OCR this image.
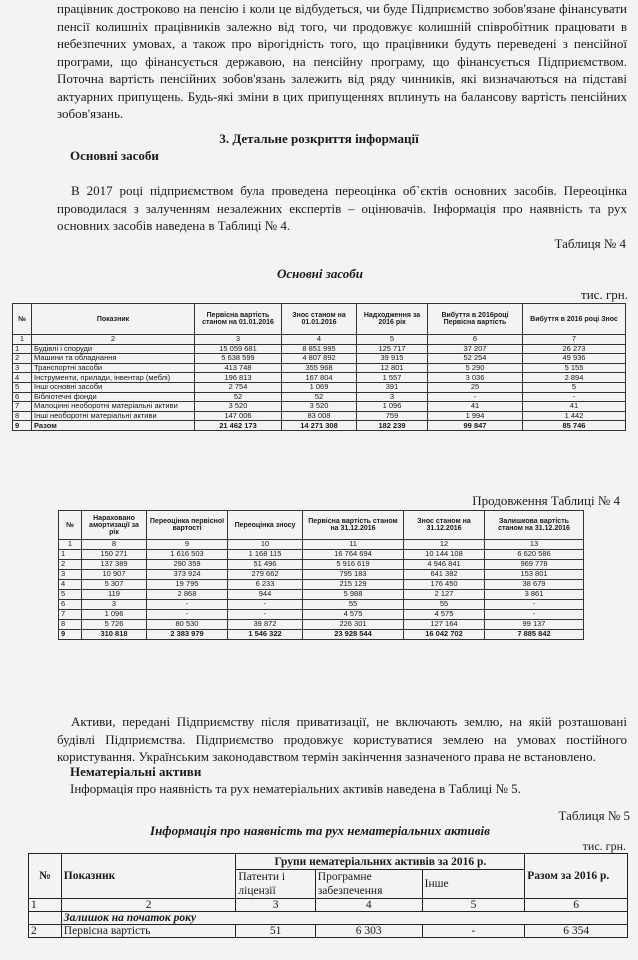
працівник достроково на пенсію і коли це відбудеться, чи буде Підприємство зобов'язане фінансувати пенсії колишніх працівників залежно від того, чи продовжує колишній співробітник працювати в небезпечних умовах, а також про вірогідність того, що працівники будуть переведені з пенсійної програми, що фінансується державою, на пенсійну програму, що фінансується Підприємством. Поточна вартість пенсійних зобов'язань залежить від ряду чинників, які визначаються на підставі актуарних припущень. Будь-які зміни в цих припущеннях вплинуть на балансову вартість пенсійних зобов'язань.
3. Детальне розкриття інформації
Основні засоби
В 2017 році підприємством була проведена переоцінка об`єктів основних засобів. Переоцінка проводилася з залученням незалежних експертів – оцінювачів. Інформація про наявність та рух основних засобів наведена в Таблиці № 4.
Таблиця № 4
Основні засоби
тис. грн.
№	Показник	Первісна вартість станом на 01.01.2016	Знос станом на 01.01.2016	Надходження за 2016 рік	Вибуття в 2016році Первісна вартість	Вибуття в 2016 році Знос
1	2	3	4	5	6	7
1	Будівлі і споруди	15 059 681	8 851 995	125 717	37 207	26 273
2	Машини та обладнання	5 638 599	4 807 892	39 915	52 254	49 936
3	Транспортні засоби	413 748	355 968	12 801	5 290	5 155
4	Інструменти, прилади, інвентар (меблі)	196 813	167 804	1 557	3 036	2 894
5	Інші основні засоби	2 754	1 069	391	25	5
6	Бібліотечні фонди	52	52	3	-	-
7	Малоцінні необоротні матеріальні активи	3 520	3 520	1 096	41	41
8	Інші необоротні матеріальні активи	147 006	83 008	759	1 994	1 442
9	Разом	21 462 173	14 271 308	182 239	99 847	85 746
Продовження Таблиці № 4
№	Нараховано амортизації за рік	Переоцінка первісної вартості	Переоцінка зносу	Первісна вартість станом на 31.12.2016	Знос станом на 31.12.2016	Залишкова вартість станом на 31.12.2016
1	8	9	10	11	12	13
1	150 271	1 616 503	1 168 115	16 764 694	10 144 108	6 620 586
2	137 389	290 359	51 496	5 916 619	4 946 841	969 778
3	10 907	373 924	279 662	795 183	641 382	153 801
4	5 307	19 795	6 233	215 129	176 450	38 679
5	119	2 868	944	5 988	2 127	3 861
6	3	-	-	55	55	-
7	1 096	-	-	4 575	4 575	-
8	5 726	80 530	39 872	226 301	127 164	99 137
9	310 818	2 383 979	1 546 322	23 928 544	16 042 702	7 885 842
Активи, передані Підприємству після приватизації, не включають землю, на якій розташовані будівлі Підприємства. Підприємство продовжує користуватися землею на умовах постійного користування. Українським законодавством термін закінчення зазначеного права не встановлено.
Нематеріальні активи
Інформація про наявність та рух нематеріальних активів наведена в Таблиці № 5.
Таблиця № 5
Інформація про наявність та рух нематеріальних активів
тис. грн.
№	Показник	Групи нематеріальних активів за 2016 р.			Разом за 2016 р.
		Патенти і ліцензії	Програмне забезпечення	Інше	
1	2	3	4	5	6
	Залишок на початок року				
2	Первісна вартість	51	6 303	-	6 354
